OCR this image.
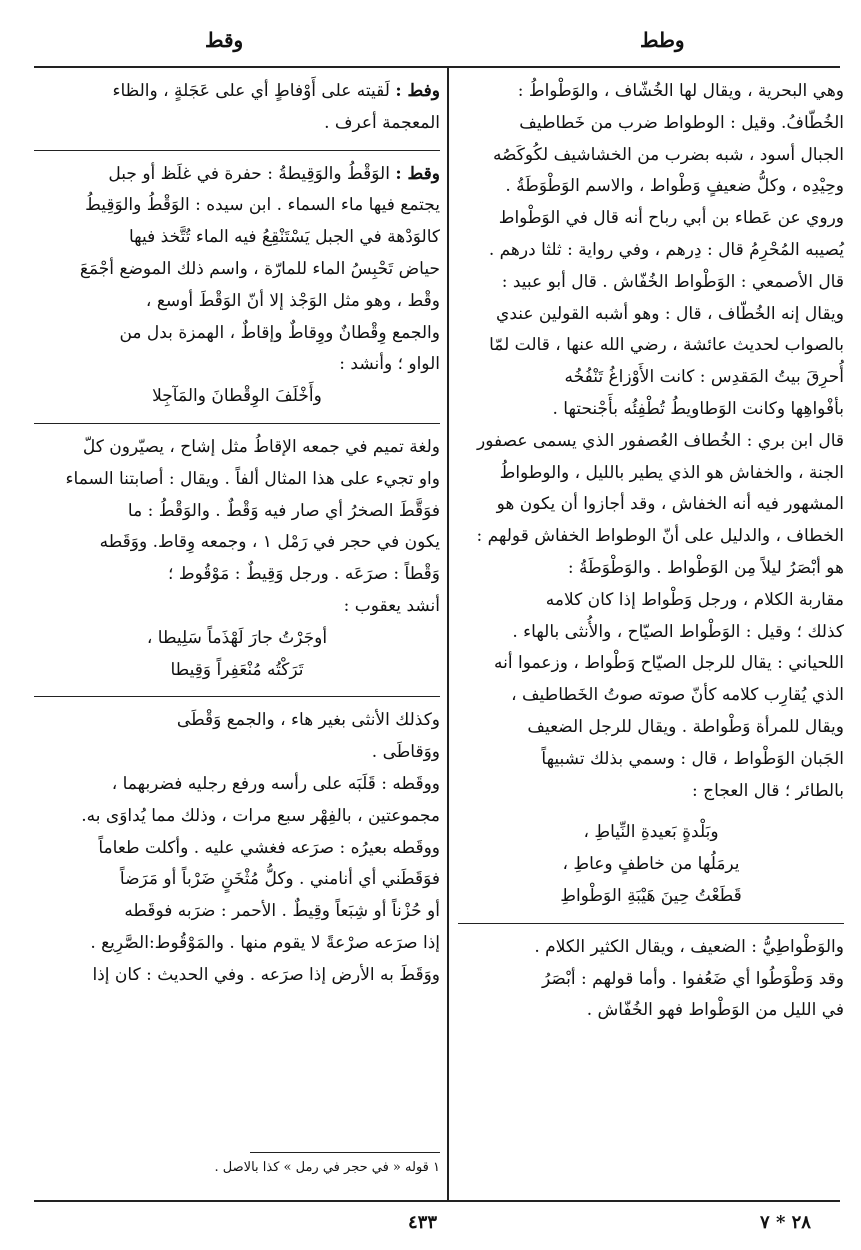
وطط
وقط

وهي البحرية ، ويقال لها الخُشّاف ، والوَطْواطُ :

الخُطّافُ. وقيل : الوطواط ضرب من خَطاطيف

الجبال أسود ، شبه بضرب من الخشاشيف لكُوكَصُه

وحِيْدِه ، وكلُّ ضعيفٍ وَطْواط ، والاسم الوَطْوَطَةُ .

وروي عن عَطاء بن أبي رباح أنه قال في الوَطْواط

يُصيبه المُحْرِمُ قال : دِرهم ، وفي رواية : ثلثا درهم .

قال الأصمعي : الوَطْواط الخُفّاش . قال أبو عبيد :

ويقال إنه الخُطّاف ، قال : وهو أشبه القولين عندي

بالصواب لحديث عائشة ، رضي الله عنها ، قالت لمّا

أُحرِقَ بيتُ المَقدِس : كانت الأَوْزاغُ تَنْفُخُه

بأفْواهِها وكانت الوَطاويطُ تُطْفِئُه بأَجْنحتها .

قال ابن بري : الخُطاف العُصفور الذي يسمى عصفور

الجنة ، والخفاش هو الذي يطير بالليل ، والوطواطُ

المشهور فيه أنه الخفاش ، وقد أجازوا أن يكون هو

الخطاف ، والدليل على أنّ الوطواط الخفاش قولهم :

هو أبْصَرُ ليلاً مِن الوَطْواط . والوَطْوَطَةُ :

مقاربة الكلام ، ورجل وَطْواط إذا كان كلامه

كذلك ؛ وقيل : الوَطْواط الصيّاح ، والأُنثى بالهاء .

اللحياني : يقال للرجل الصيّاح وَطْواط ، وزعموا أنه

الذي يُقارِب كلامه كأنّ صوته صوتُ الخَطاطيف ،

ويقال للمرأة وَطْواطة . ويقال للرجل الضعيف

الجَبان الوَطْواط ، قال : وسمي بذلك تشبيهاً

بالطائر ؛ قال العجاج :

وبَلْدةٍ بَعيدةِ النِّياطِ ،

يرمَلُها من خاطفٍ وعاطِ ،

قَطَعْتُ حِينَ هَيْبَةِ الوَطْواطِ

والوَطْواطِيُّ : الضعيف ، ويقال الكثير الكلام .

وقد وَطْوَطُوا أي ضَعُفوا . وأما قولهم : أبْصَرُ

في الليل من الوَطْواط فهو الخُفّاش .

وفط : لَقيته على أَوْفاطٍ أي على عَجَلةٍ ، والظاء

المعجمة أعرف .

وقط : الوَقْطُ والوَقِيطةُ : حفرة في غلَظ أو جبل

يجتمع فيها ماء السماء . ابن سيده : الوَقْطُ والوَقِيطُ

كالوَدْهة في الجبل يَسْتَنْقِعُ فيه الماء تُتَّخذ فيها

حياض تَحْبِسُ الماء للمارّة ، واسم ذلك الموضع أجْمَعَ

وقْط ، وهو مثل الوَجْذ إلا أنّ الوَقْطَ أوسع ،

والجمع وِقْطانٌ ووِقاطٌ وإقاطٌ ، الهمزة بدل من

الواو ؛ وأنشد :

وأَخْلَفَ الوِقْطانَ والمَآجِلا

ولغة تميم في جمعه الإقاطُ مثل إشاح ، يصيّرون كلّ

واو تجيء على هذا المثال ألفاً . ويقال : أصابتنا السماء

فوَقَّطَ الصخرُ أي صار فيه وَقْطٌ . والوَقْطُ : ما

يكون في حجر في رَمْل ١ ، وجمعه وِقاط. ووَقَطه

وَقْطاً : صرَعَه . ورجل وَقِيطٌ : مَوْقُوط ؛

أنشد يعقوب :

أوجَرْتُ جارَ لَهْذَماً سَلِيطا ،

تَرَكْتُه مُنْعَفِراً وَقِيطا

وكذلك الأنثى بغير هاء ، والجمع وَقْطَى

ووَقاطَى .

ووقَطه : قَلَبَه على رأسه ورفع رجليه فضربهما ،

مجموعتين ، بالفِهْر سبع مرات ، وذلك مما يُداوَى به.

ووقَطه بعيرُه : صرَعه فغشي عليه . وأكلت طعاماً

فوَقَطَني أي أنامني . وكلُّ مُثْخَنٍ ضَرْباً أو مَرَضاً

أو حُزْناً أو شِبَعاً وقِيطٌ . الأحمر : ضرَبه فوقَطه

إذا صرَعه صرْعةً لا يقوم منها . والمَوْقُوط:الصَّرِيع .

ووَقَطَ به الأرض إذا صرَعه . وفي الحديث : كان إذا

١ قوله « في حجر في رمل » كذا بالاصل .
٤٣٣	٢٨ * ٧
